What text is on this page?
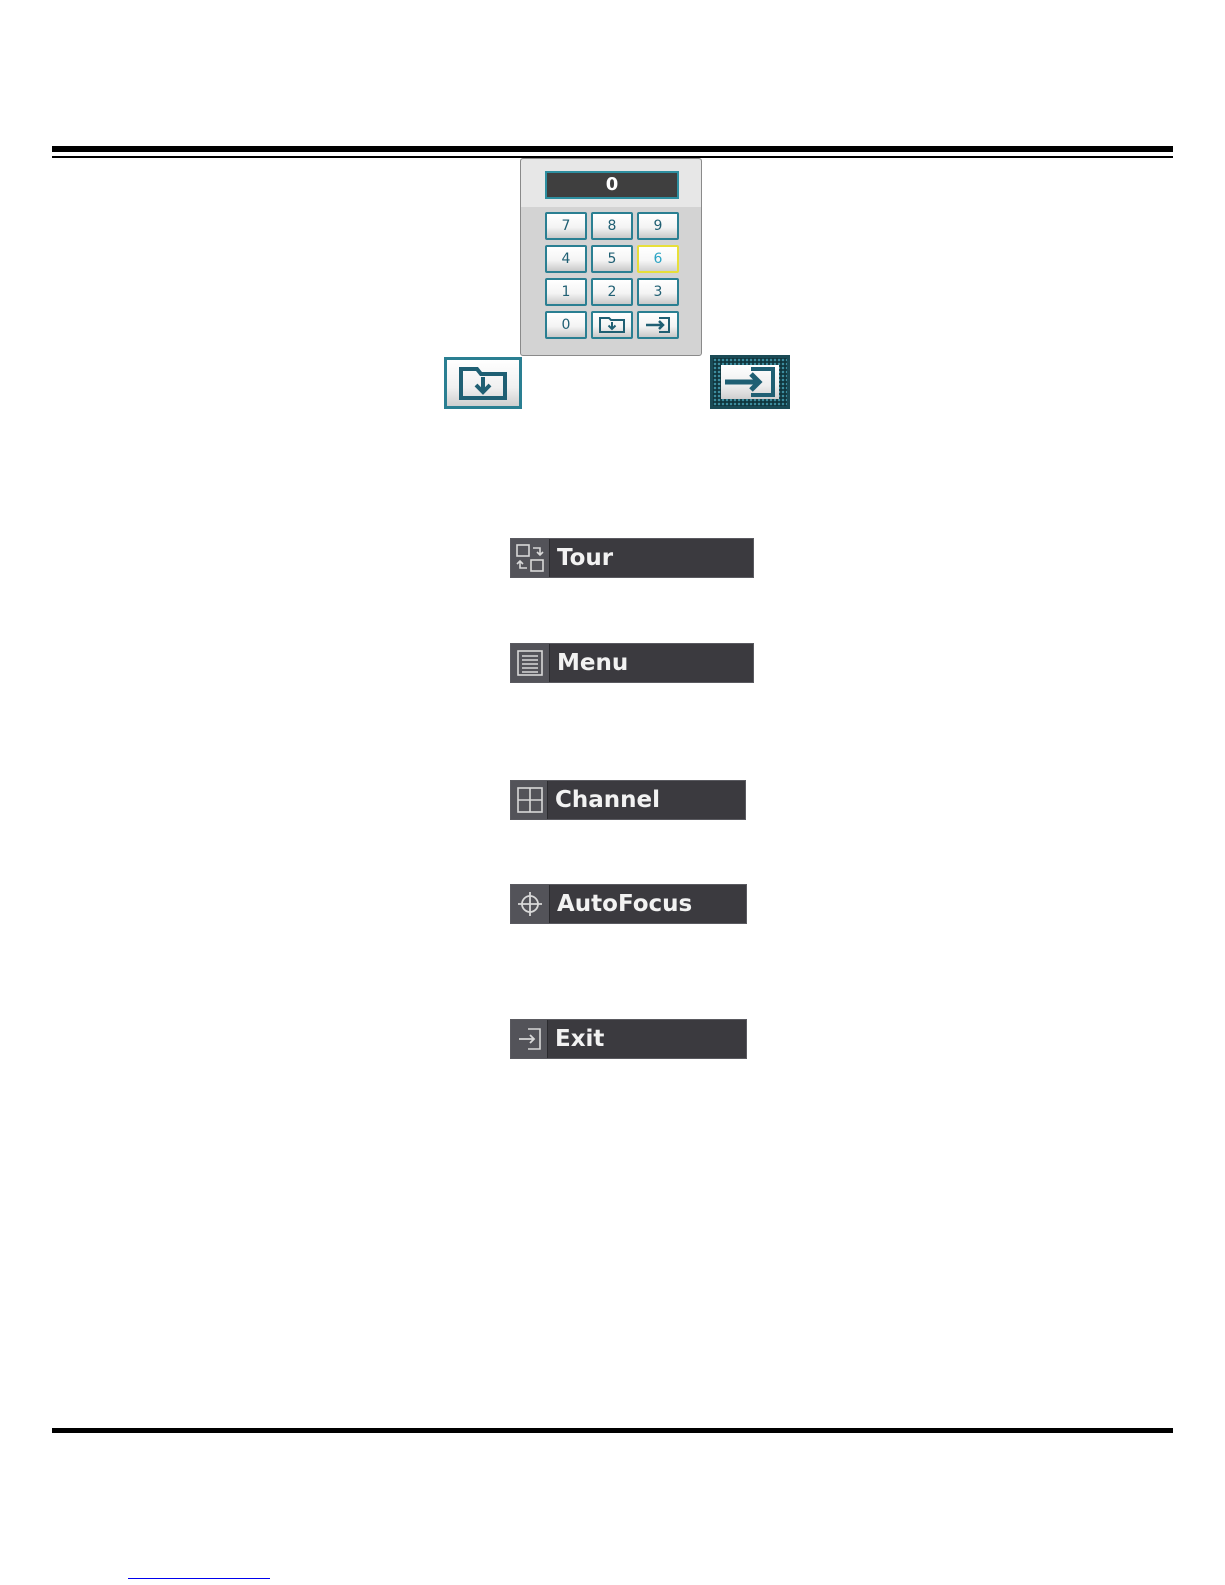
0
7	8	9
4	5	6
1	2	3
0
Tour
Menu
Channel
AutoFocus
Exit
